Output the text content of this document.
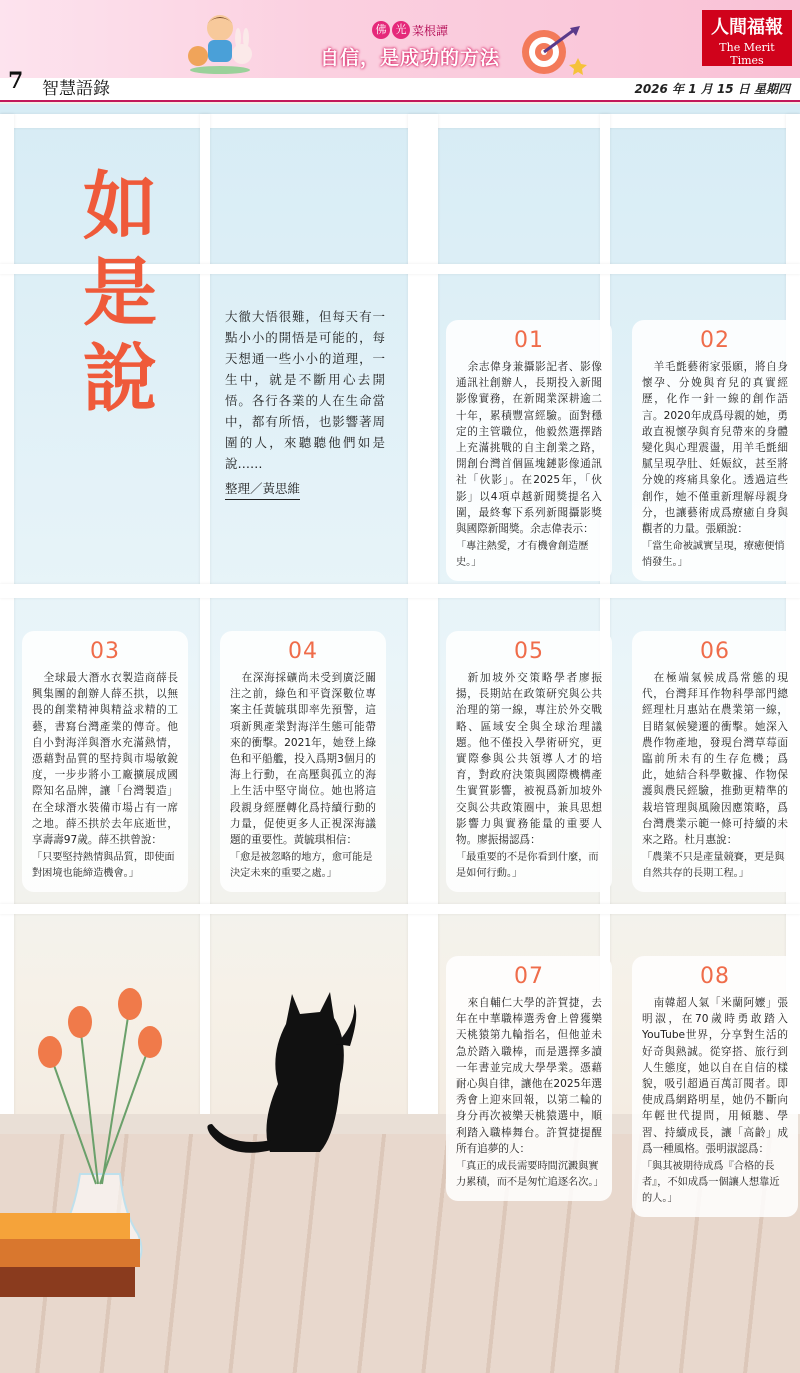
佛 光 菜根譚
自信，是成功的方法
人間福報
The Merit Times
7 智慧語錄	2026 年 1 月 15 日 星期四
如是說
大徹大悟很難，但每天有一點小小的開悟是可能的，每天想通一些小小的道理，一生中，就是不斷用心去開悟。各行各業的人在生命當中，都有所悟，也影響著周圍的人，來聽聽他們如是說……
整理／黃思維
01
余志偉身兼攝影記者、影像通訊社創辦人，長期投入新聞影像實務，在新聞業深耕逾二十年，累積豐富經驗。面對穩定的主管職位，他毅然選擇踏上充滿挑戰的自主創業之路，開創台灣首個區塊鏈影像通訊社「伙影」。在2025年，「伙影」以4項卓越新聞獎提名入圍，最終奪下系列新聞攝影獎與國際新聞獎。余志偉表示：
「專注熱愛，才有機會創造歷史。」
02
羊毛氈藝術家張願，將自身懷孕、分娩與育兒的真實經歷，化作一針一線的創作語言。2020年成爲母親的她，勇敢直視懷孕與育兒帶來的身體變化與心理震盪，用羊毛氈細膩呈現孕肚、妊娠紋，甚至將分娩的疼痛具象化。透過這些創作，她不僅重新理解母親身分，也讓藝術成爲療癒自身與觀者的力量。張願說：
「當生命被誠實呈現，療癒便悄悄發生。」
03
全球最大潛水衣製造商薛長興集團的創辦人薛丕拱，以無畏的創業精神與精益求精的工藝，書寫台灣產業的傳奇。他自小對海洋與潛水充滿熱情，憑藉對品質的堅持與市場敏銳度，一步步將小工廠擴展成國際知名品牌，讓「台灣製造」在全球潛水裝備市場占有一席之地。薛丕拱於去年底逝世，享壽壽97歲。薛丕拱曾說：
「只要堅持熱情與品質，即使面對困境也能締造機會。」
04
在深海採礦尚未受到廣泛關注之前，綠色和平資深數位專案主任黃毓琪即率先預警，這項新興產業對海洋生態可能帶來的衝擊。2021年，她登上綠色和平船艦，投入爲期3個月的海上行動，在高壓與孤立的海上生活中堅守崗位。她也將這段親身經歷轉化爲持續行動的力量，促使更多人正視深海議題的重要性。黃毓琪相信：
「愈是被忽略的地方，愈可能是決定未來的重要之處。」
05
新加坡外交策略學者廖振揚，長期站在政策研究與公共治理的第一線，專注於外交戰略、區域安全與全球治理議題。他不僅投入學術研究，更實際參與公共領導人才的培育，對政府決策與國際機構產生實質影響，被視爲新加坡外交與公共政策圈中，兼具思想影響力與實務能量的重要人物。廖振揚認爲：
「最重要的不是你看到什麼，而是如何行動。」
06
在極端氣候成爲常態的現代，台灣拜耳作物科學部門總經理杜月惠站在農業第一線，目睹氣候變遷的衝擊。她深入農作物產地，發現台灣草莓面臨前所未有的生存危機；爲此，她結合科學數據、作物保護與農民經驗，推動更精準的栽培管理與風險因應策略，爲台灣農業示範一條可持續的未來之路。杜月惠說：
「農業不只是產量競賽，更是與自然共存的長期工程。」
07
來自輔仁大學的許賀捷，去年在中華職棒選秀會上曾獲樂天桃猿第九輪指名，但他並未急於踏入職棒，而是選擇多讀一年書並完成大學學業。憑藉耐心與自律，讓他在2025年選秀會上迎來回報，以第二輪的身分再次被樂天桃猿選中，順利踏入職棒舞台。許賀捷提醒所有追夢的人：
「真正的成長需要時間沉澱與實力累積，而不是匆忙追逐名次。」
08
南韓超人氣「米蘭阿嬤」張明淑，在70歲時勇敢踏入YouTube世界，分享對生活的好奇與熱誠。從穿搭、旅行到人生態度，她以自在自信的樣貌，吸引超過百萬訂閱者。即使成爲網路明星，她仍不斷向年輕世代提問，用傾聽、學習、持續成長，讓「高齡」成爲一種風格。張明淑認爲：
「與其被期待成爲『合格的長者』，不如成爲一個讓人想靠近的人。」
